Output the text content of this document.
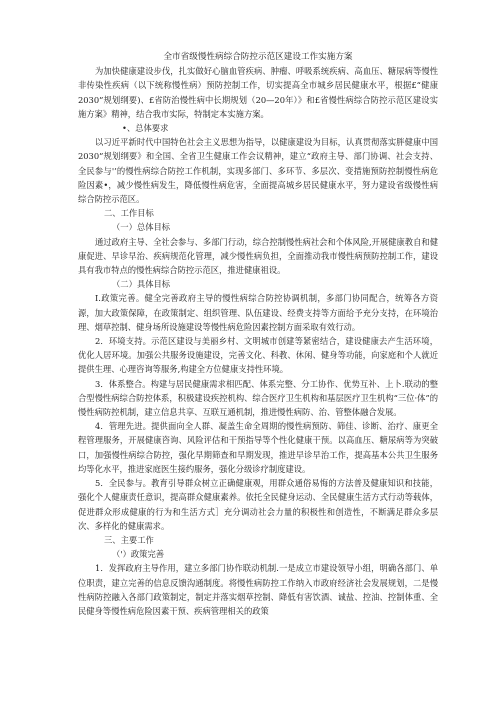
全市省级慢性病综合防控示范区建设工作实施方案

为加快健康建设步伐，扎实做好心脑血管疾病、肿瘤、呼吸系统疾病、高血压、糖尿病等慢性非传染性疾病（以下统称慢性病）预防控制工作，切实提高全市城乡居民健康水平，根据£“健康2030”规划纲要)、£省防治慢性病中长期规划（20—20年）》和£省慢性病综合防控示范区建设实施方案》精神，结合我市实际，特制定本实施方案。

•、总体要求

以习近平新时代中国特色社会主义思想为指导，以健康建设为目标，认真贯彻落实胖健康中国2030”规划纲要》和全国、全省卫生健康工作会议精神，建立“政府主导、部门协调、社会支持、全民参与'’的慢性病综合防控工作机制，实现多部门、多环节、多层次、变措施预防控制慢性病危险因素•，减少慢性病发生，降低慢性病危害，全面提高城乡居民健康水平，努力建设省级慢性病综合防控示范区。

二、工作目标

（一）总体目标

通过政府主导、全社会参与、多部门行动，综合控制慢性病社会和个体风险,开展健康教自和健康促进、早诊早治、疾病规范化管理，减少慢性病负担，全面推动我市慢性病预防控制工作，建设具有我市特点的慢性病综合防控示范区，推进健康祖设。

（二）具体目标

I.政策完善。健全完善政府主导的慢性病综合防控协调机制，多部门协同配合，统筹各方资源，加大政策保障，在政策制定、组织管理、队伍建设、经费支持等方面给予充分支持，在环境治理、烟草控制、健身场所设施建设等慢性病危险因素控制方面采取有效行动。

2．环境支持。示范区建设与美丽乡村、文明城市创建等紧密结合，建设健康去产生活环境，优化人居环境。加强公共服务设施建设，完善文化、科教、休闲、健身等功能，向家庭和个人就近提供生理、心理咨询等服务,构建全方位健康支持性环境。

3．体系整合。构建与居民健康需求相匹配、体系完整、分工协作、优势互补、上卜.联动的整合型慢性病综合防控体系，积极建设疾控机构、综合医疗卫生机构和基层医疗卫生机构“三位·体”的慢性病防控机制，建立信息共享、互联互通机制，推进慢性病防、治、管整体融合发展。

4．管理先进。提供面向全人群、凝盖生命全周期的慢性病预防、筛佳、诊断、治疗、康更全程管理服务，开展健康咨询、风险评估和干预指导等个性化健康干预。以高血压、糖尿病等为突破口，加强慢性病综合防控，强化早期筛查和早期发现，推进早诊早治工作，提高基本公共卫生服务均等化水平，推进家庭医生接约服务，强化分级诊疗制度建设。

5．全民参与。教育引导群众树立正确健康观，用群众通俗易悔的方法普及健康知识和技能，强化个人健康责任意识，提高群众健康素养。依托全民健身运动、全民健康生活方式行动等载体，促进群众形成健康的行为和生活方式］充分调动社会力量的积极性和创造性，不断满足群众多层次、多样化的健康需求。

三、主要工作

（'）政策完善

1．发挥政府主导作用，建立多部门协作联动机制.一是成立市建设领导小组，明确各部门、单位职责，建立完善的信息反馈沟通制度。将慢性病防控工作纳入市政府经济社会发展规划，二是慢性病防控融入各部门政策制定，制定并落实烟草控制、降低有害饮酒、诚盐、控油、控制体重、全民健身等慢性病危险因素干预、疾病管理相关的政策
